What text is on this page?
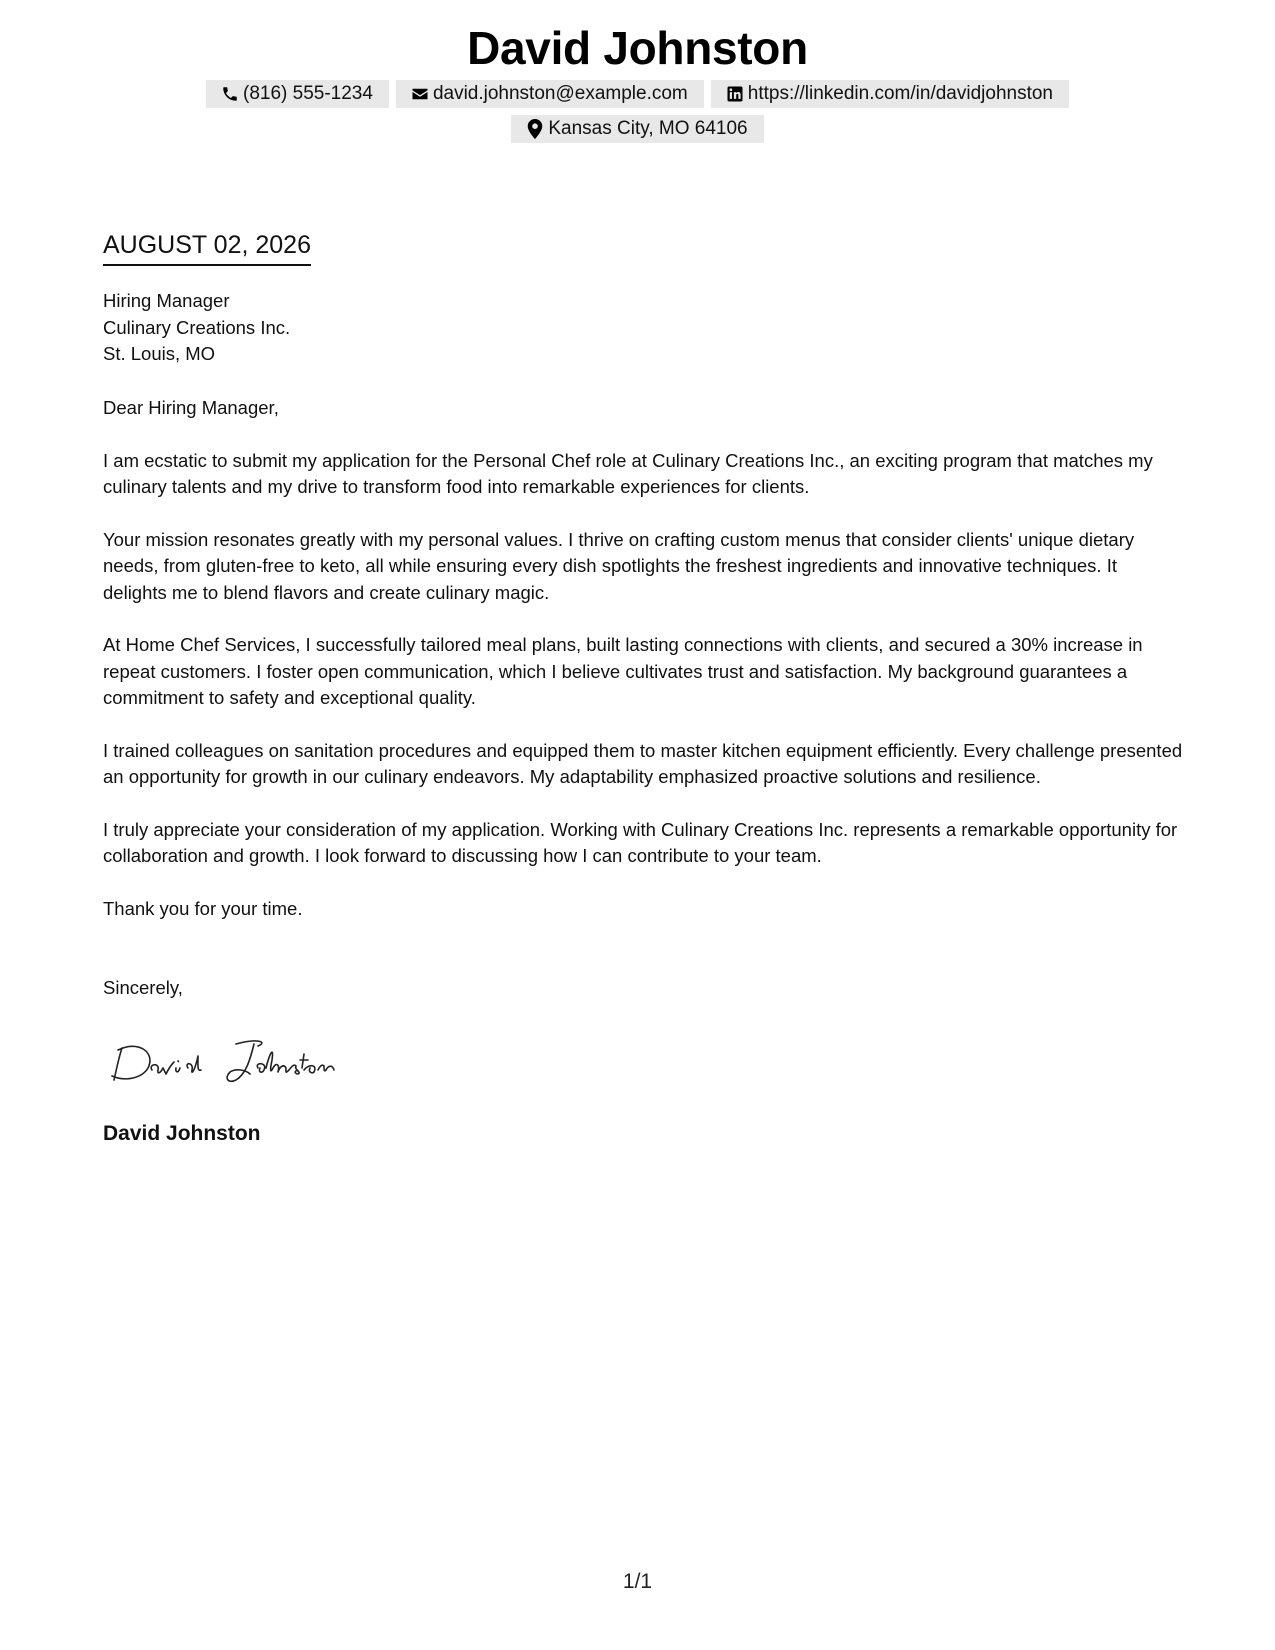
David Johnston
(816) 555-1234	david.johnston@example.com	https://linkedin.com/in/davidjohnston
Kansas City, MO 64106
AUGUST 02, 2026
Hiring Manager
Culinary Creations Inc.
St. Louis, MO

Dear Hiring Manager,

I am ecstatic to submit my application for the Personal Chef role at Culinary Creations Inc., an exciting program that matches my culinary talents and my drive to transform food into remarkable experiences for clients.

Your mission resonates greatly with my personal values. I thrive on crafting custom menus that consider clients' unique dietary needs, from gluten-free to keto, all while ensuring every dish spotlights the freshest ingredients and innovative techniques. It delights me to blend flavors and create culinary magic.

At Home Chef Services, I successfully tailored meal plans, built lasting connections with clients, and secured a 30% increase in repeat customers. I foster open communication, which I believe cultivates trust and satisfaction. My background guarantees a commitment to safety and exceptional quality.

I trained colleagues on sanitation procedures and equipped them to master kitchen equipment efficiently. Every challenge presented an opportunity for growth in our culinary endeavors. My adaptability emphasized proactive solutions and resilience.

I truly appreciate your consideration of my application. Working with Culinary Creations Inc. represents a remarkable opportunity for collaboration and growth. I look forward to discussing how I can contribute to your team.

Thank you for your time.

Sincerely,
David Johnston
1/1
